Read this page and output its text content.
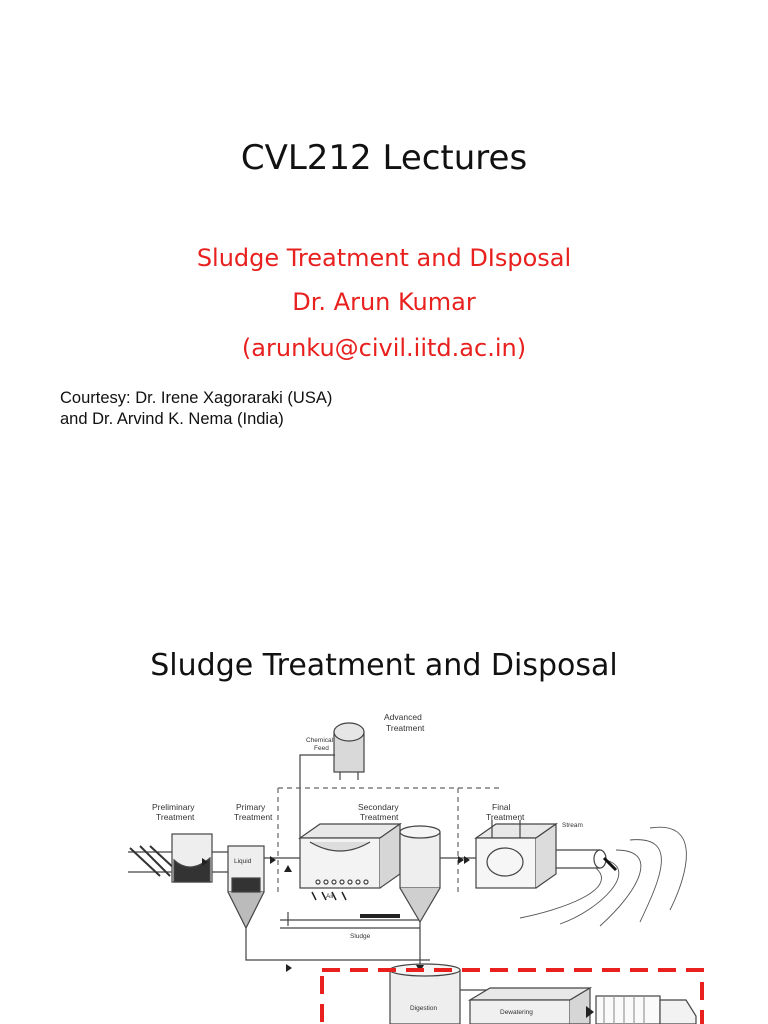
CVL212 Lectures
Sludge Treatment and DIsposal
Dr. Arun Kumar
(arunku@civil.iitd.ac.in)
Courtesy: Dr. Irene Xagoraraki (USA)
and Dr. Arvind K. Nema (India)
Sludge Treatment and Disposal
Advanced
Treatment
Chemical
Feed
Preliminary
Treatment
Primary
Treatment
Secondary
Treatment
Final
Treatment
Stream
Liquid
Solid
Air
Sludge
Digestion
Dewatering
